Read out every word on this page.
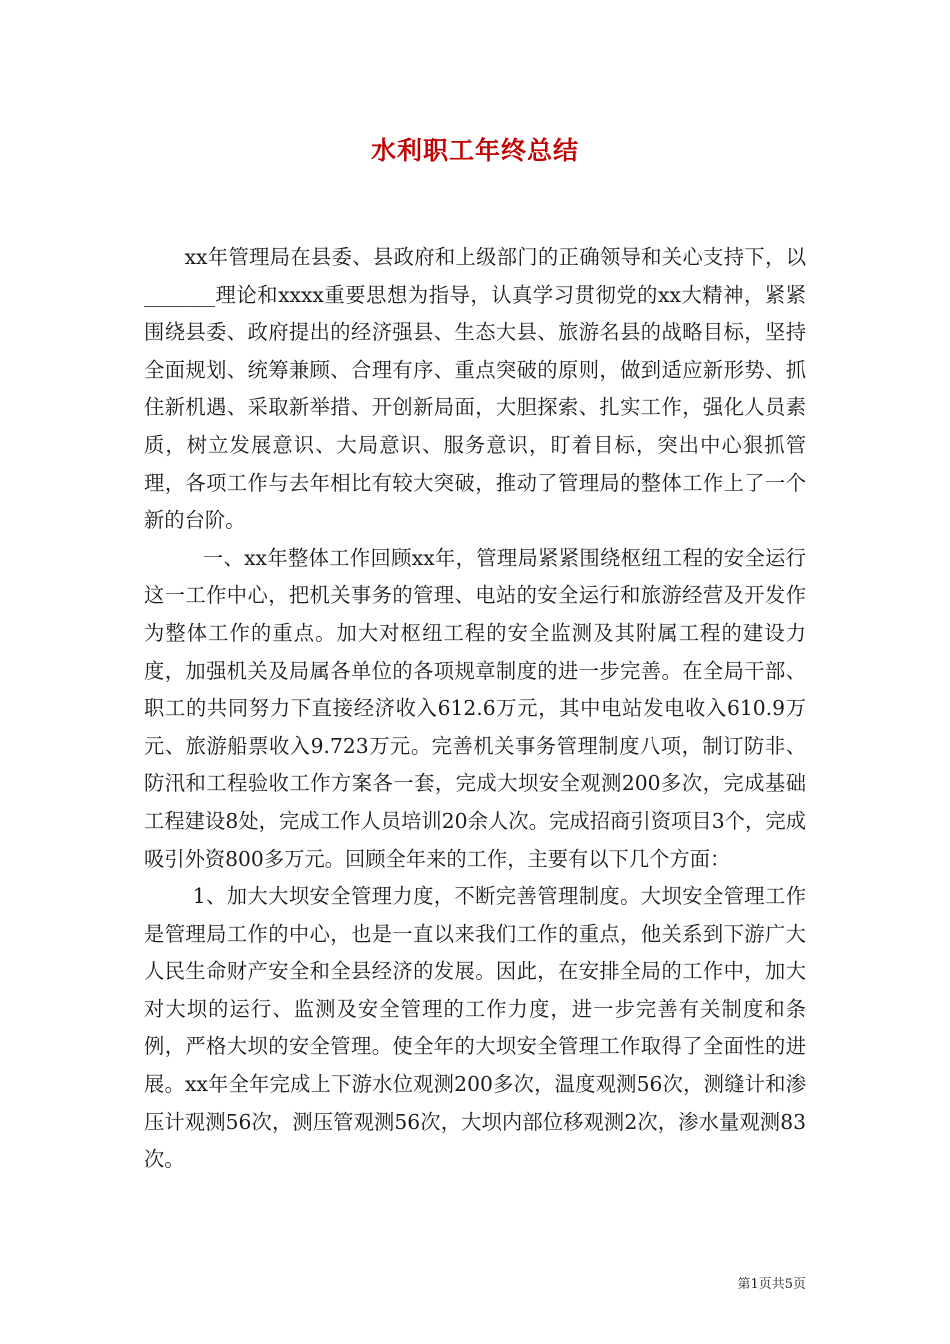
水利职工年终总结

xx年管理局在县委、县政府和上级部门的正确领导和关心支持下，以_______理论和xxxx重要思想为指导，认真学习贯彻党的xx大精神，紧紧围绕县委、政府提出的经济强县、生态大县、旅游名县的战略目标，坚持全面规划、统筹兼顾、合理有序、重点突破的原则，做到适应新形势、抓住新机遇、采取新举措、开创新局面，大胆探索、扎实工作，强化人员素质，树立发展意识、大局意识、服务意识，盯着目标，突出中心狠抓管理，各项工作与去年相比有较大突破，推动了管理局的整体工作上了一个新的台阶。

一、xx年整体工作回顾xx年，管理局紧紧围绕枢纽工程的安全运行这一工作中心，把机关事务的管理、电站的安全运行和旅游经营及开发作为整体工作的重点。加大对枢纽工程的安全监测及其附属工程的建设力度，加强机关及局属各单位的各项规章制度的进一步完善。在全局干部、职工的共同努力下直接经济收入612.6万元，其中电站发电收入610.9万元、旅游船票收入9.723万元。完善机关事务管理制度八项，制订防非、防汛和工程验收工作方案各一套，完成大坝安全观测200多次，完成基础工程建设8处，完成工作人员培训20余人次。完成招商引资项目3个，完成吸引外资800多万元。回顾全年来的工作，主要有以下几个方面：

1、加大大坝安全管理力度，不断完善管理制度。大坝安全管理工作是管理局工作的中心，也是一直以来我们工作的重点，他关系到下游广大人民生命财产安全和全县经济的发展。因此，在安排全局的工作中，加大对大坝的运行、监测及安全管理的工作力度，进一步完善有关制度和条例，严格大坝的安全管理。使全年的大坝安全管理工作取得了全面性的进展。xx年全年完成上下游水位观测200多次，温度观测56次，测缝计和渗压计观测56次，测压管观测56次，大坝内部位移观测2次，渗水量观测83次。

第1页共5页
